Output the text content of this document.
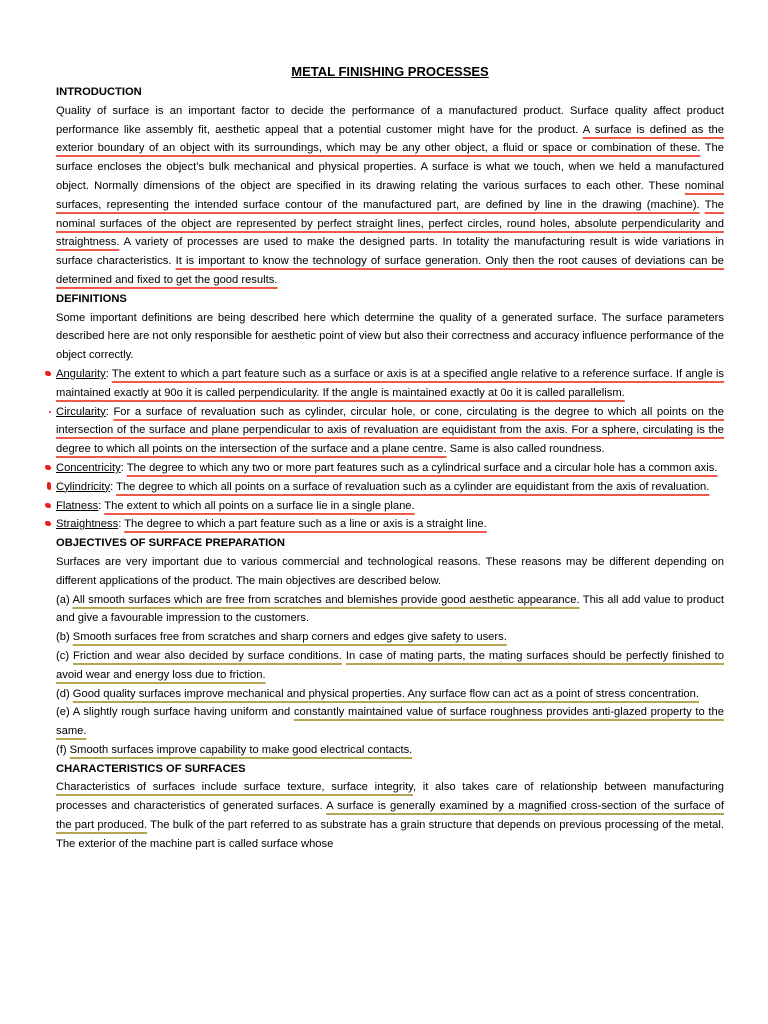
METAL FINISHING PROCESSES
INTRODUCTION

Quality of surface is an important factor to decide the performance of a manufactured product. Surface quality affect product performance like assembly fit, aesthetic appeal that a potential customer might have for the product. A surface is defined as the exterior boundary of an object with its surroundings, which may be any other object, a fluid or space or combination of these. The surface encloses the object’s bulk mechanical and physical properties. A surface is what we touch, when we held a manufactured object. Normally dimensions of the object are specified in its drawing relating the various surfaces to each other. These nominal surfaces, representing the intended surface contour of the manufactured part, are defined by line in the drawing (machine). The nominal surfaces of the object are represented by perfect straight lines, perfect circles, round holes, absolute perpendicularity and straightness. A variety of processes are used to make the designed parts. In totality the manufacturing result is wide variations in surface characteristics. It is important to know the technology of surface generation. Only then the root causes of deviations can be determined and fixed to get the good results.

DEFINITIONS

Some important definitions are being described here which determine the quality of a generated surface. The surface parameters described here are not only responsible for aesthetic point of view but also their correctness and accuracy influence performance of the object correctly.

Angularity: The extent to which a part feature such as a surface or axis is at a specified angle relative to a reference surface. If angle is maintained exactly at 90o it is called perpendicularity. If the angle is maintained exactly at 0o it is called parallelism.

Circularity: For a surface of revaluation such as cylinder, circular hole, or cone, circulating is the degree to which all points on the intersection of the surface and plane perpendicular to axis of revaluation are equidistant from the axis. For a sphere, circulating is the degree to which all points on the intersection of the surface and a plane centre. Same is also called roundness.

Concentricity: The degree to which any two or more part features such as a cylindrical surface and a circular hole has a common axis.

Cylindricity: The degree to which all points on a surface of revaluation such as a cylinder are equidistant from the axis of revaluation.

Flatness: The extent to which all points on a surface lie in a single plane.

Straightness: The degree to which a part feature such as a line or axis is a straight line.

OBJECTIVES OF SURFACE PREPARATION

Surfaces are very important due to various commercial and technological reasons. These reasons may be different depending on different applications of the product. The main objectives are described below.

(a) All smooth surfaces which are free from scratches and blemishes provide good aesthetic appearance. This all add value to product and give a favourable impression to the customers.

(b) Smooth surfaces free from scratches and sharp corners and edges give safety to users.

(c) Friction and wear also decided by surface conditions. In case of mating parts, the mating surfaces should be perfectly finished to avoid wear and energy loss due to friction.

(d) Good quality surfaces improve mechanical and physical properties. Any surface flow can act as a point of stress concentration.

(e) A slightly rough surface having uniform and constantly maintained value of surface roughness provides anti-glazed property to the same.

(f) Smooth surfaces improve capability to make good electrical contacts.

CHARACTERISTICS OF SURFACES

Characteristics of surfaces include surface texture, surface integrity, it also takes care of relationship between manufacturing processes and characteristics of generated surfaces. A surface is generally examined by a magnified cross-section of the surface of the part produced. The bulk of the part referred to as substrate has a grain structure that depends on previous processing of the metal. The exterior of the machine part is called surface whose
